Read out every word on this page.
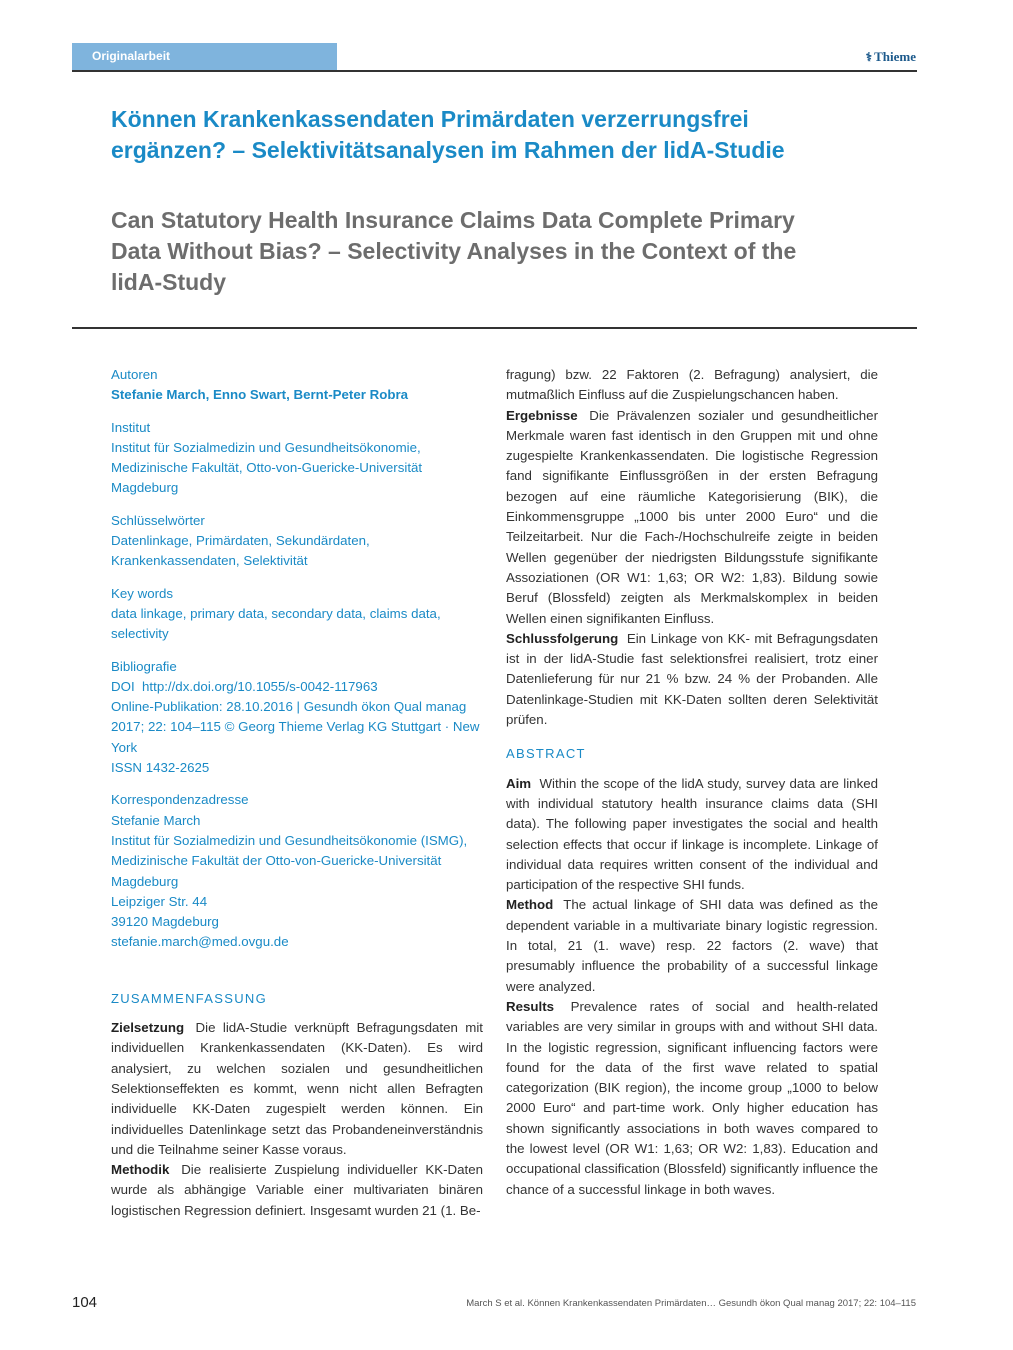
Originalarbeit	⚕ Thieme
Können Krankenkassendaten Primärdaten verzerrungsfrei ergänzen? – Selektivitätsanalysen im Rahmen der lidA-Studie
Can Statutory Health Insurance Claims Data Complete Primary Data Without Bias? – Selectivity Analyses in the Context of the lidA-Study
Autoren
Stefanie March, Enno Swart, Bernt-Peter Robra
Institut
Institut für Sozialmedizin und Gesundheitsökonomie,
Medizinische Fakultät, Otto-von-Guericke-Universität
Magdeburg
Schlüsselwörter
Datenlinkage, Primärdaten, Sekundärdaten, Krankenkassendaten, Selektivität
Key words
data linkage, primary data, secondary data, claims data, selectivity
Bibliografie
DOI http://dx.doi.org/10.1055/s-0042-117963
Online-Publikation: 28.10.2016 | Gesundh ökon Qual manag 2017; 22: 104–115 © Georg Thieme Verlag KG Stuttgart · New York
ISSN 1432-2625
Korrespondenzadresse
Stefanie March
Institut für Sozialmedizin und Gesundheitsökonomie (ISMG),
Medizinische Fakultät der Otto-von-Guericke-Universität
Magdeburg
Leipziger Str. 44
39120 Magdeburg
stefanie.march@med.ovgu.de
ZUSAMMENFASSUNG

Zielsetzung Die lidA-Studie verknüpft Befragungsdaten mit individuellen Krankenkassendaten (KK-Daten). Es wird analysiert, zu welchen sozialen und gesundheitlichen Selektionseffekten es kommt, wenn nicht allen Befragten individuelle KK-Daten zugespielt werden können. Ein individuelles Datenlinkage setzt das Probandeneinverständnis und die Teilnahme seiner Kasse voraus.

Methodik Die realisierte Zuspielung individueller KK-Daten wurde als abhängige Variable einer multivariaten binären logistischen Regression definiert. Insgesamt wurden 21 (1. Be-

fragung) bzw. 22 Faktoren (2. Befragung) analysiert, die mutmaßlich Einfluss auf die Zuspielungschancen haben.

Ergebnisse Die Prävalenzen sozialer und gesundheitlicher Merkmale waren fast identisch in den Gruppen mit und ohne zugespielte Krankenkassendaten. Die logistische Regression fand signifikante Einflussgrößen in der ersten Befragung bezogen auf eine räumliche Kategorisierung (BIK), die Einkommensgruppe „1000 bis unter 2000 Euro“ und die Teilzeitarbeit. Nur die Fach-/Hochschulreife zeigte in beiden Wellen gegenüber der niedrigsten Bildungsstufe signifikante Assoziationen (OR W1: 1,63; OR W2: 1,83). Bildung sowie Beruf (Blossfeld) zeigten als Merkmalskomplex in beiden Wellen einen signifikanten Einfluss.

Schlussfolgerung Ein Linkage von KK- mit Befragungsdaten ist in der lidA-Studie fast selektionsfrei realisiert, trotz einer Datenlieferung für nur 21 % bzw. 24 % der Probanden. Alle Datenlinkage-Studien mit KK-Daten sollten deren Selektivität prüfen.

ABSTRACT

Aim Within the scope of the lidA study, survey data are linked with individual statutory health insurance claims data (SHI data). The following paper investigates the social and health selection effects that occur if linkage is incomplete. Linkage of individual data requires written consent of the individual and participation of the respective SHI funds.

Method The actual linkage of SHI data was defined as the dependent variable in a multivariate binary logistic regression. In total, 21 (1. wave) resp. 22 factors (2. wave) that presumably influence the probability of a successful linkage were analyzed.

Results Prevalence rates of social and health-related variables are very similar in groups with and without SHI data. In the logistic regression, significant influencing factors were found for the data of the first wave related to spatial categorization (BIK region), the income group „1000 to below 2000 Euro“ and part-time work. Only higher education has shown significantly associations in both waves compared to the lowest level (OR W1: 1,63; OR W2: 1,83). Education and occupational classification (Blossfeld) significantly influence the chance of a successful linkage in both waves.

104	March S et al. Können Krankenkassendaten Primärdaten… Gesundh ökon Qual manag 2017; 22: 104–115
